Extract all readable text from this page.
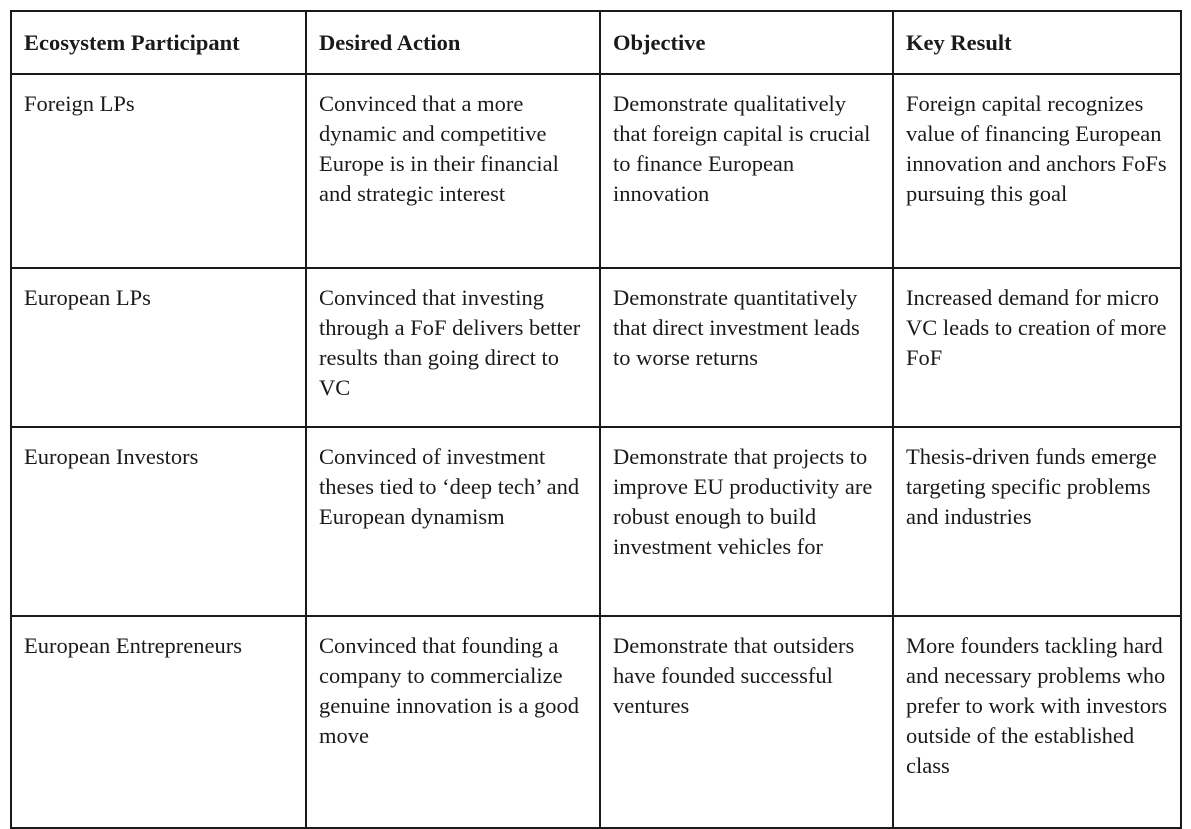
Ecosystem Participant	Desired Action	Objective	Key Result
Foreign LPs	Convinced that a more dynamic and competitive Europe is in their financial and strategic interest	Demonstrate qualitatively that foreign capital is crucial to finance European innovation	Foreign capital recognizes value of financing European innovation and anchors FoFs pursuing this goal
European LPs	Convinced that investing through a FoF delivers better results than going direct to VC	Demonstrate quantitatively that direct investment leads to worse returns	Increased demand for micro VC leads to creation of more FoF
European Investors	Convinced of investment theses tied to ‘deep tech’ and European dynamism	Demonstrate that projects to improve EU productivity are robust enough to build investment vehicles for	Thesis-driven funds emerge targeting specific problems and industries
European Entrepreneurs	Convinced that founding a company to commercialize genuine innovation is a good move	Demonstrate that outsiders have founded successful ventures	More founders tackling hard and necessary problems who prefer to work with investors outside of the established class
